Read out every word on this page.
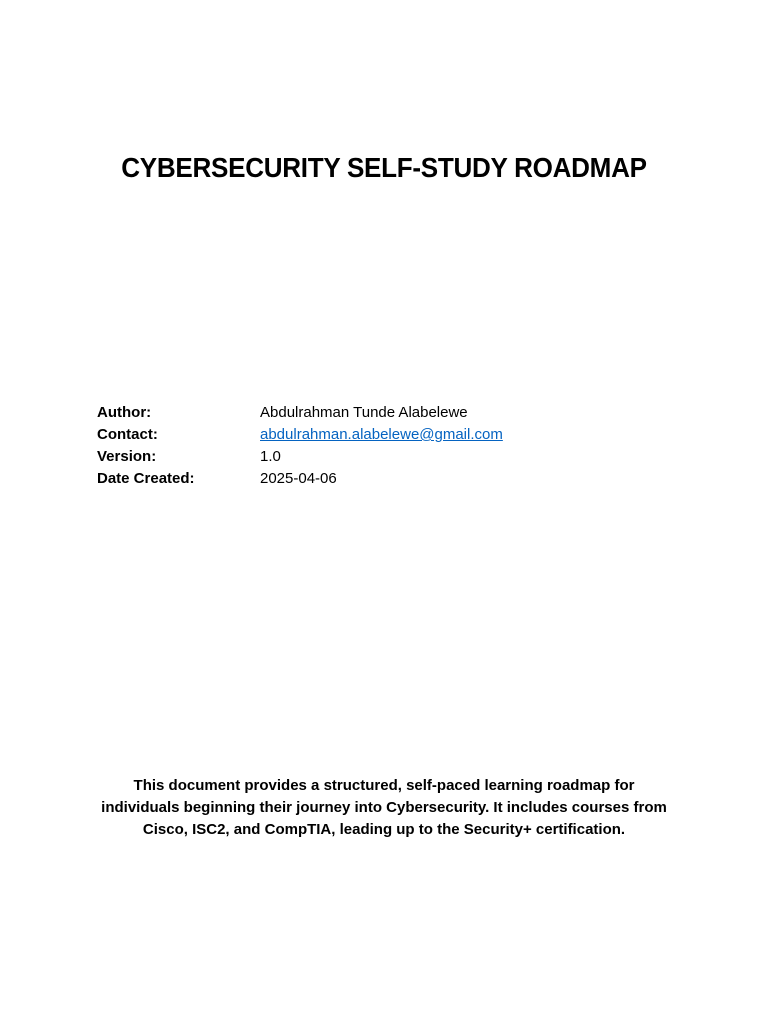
CYBERSECURITY SELF-STUDY ROADMAP
Author:	Abdulrahman Tunde Alabelewe
Contact:	abdulrahman.alabelewe@gmail.com
Version:	1.0
Date Created:	2025-04-06
This document provides a structured, self-paced learning roadmap for
individuals beginning their journey into Cybersecurity. It includes courses from
Cisco, ISC2, and CompTIA, leading up to the Security+ certification.
